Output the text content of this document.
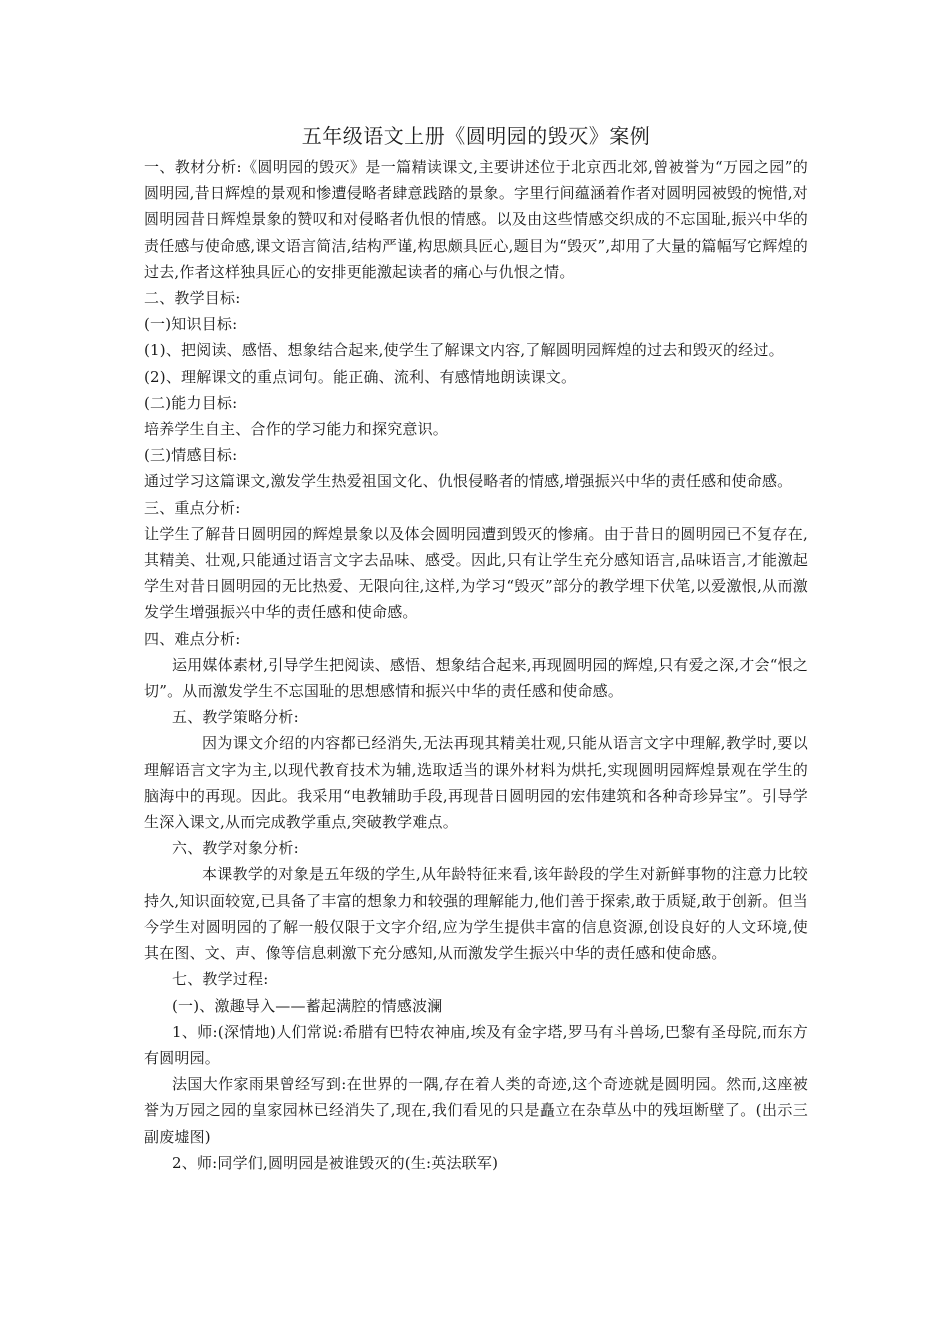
五年级语文上册《圆明园的毁灭》案例

一、教材分析:《圆明园的毁灭》是一篇精读课文,主要讲述位于北京西北郊,曾被誉为“万园之园”的圆明园,昔日辉煌的景观和惨遭侵略者肆意践踏的景象。字里行间蕴涵着作者对圆明园被毁的惋惜,对圆明园昔日辉煌景象的赞叹和对侵略者仇恨的情感。以及由这些情感交织成的不忘国耻,振兴中华的责任感与使命感,课文语言简洁,结构严谨,构思颇具匠心,题目为“毁灭”,却用了大量的篇幅写它辉煌的过去,作者这样独具匠心的安排更能激起读者的痛心与仇恨之情。

二、教学目标:

(一)知识目标:

(1)、把阅读、感悟、想象结合起来,使学生了解课文内容,了解圆明园辉煌的过去和毁灭的经过。

(2)、理解课文的重点词句。能正确、流利、有感情地朗读课文。

(二)能力目标:

培养学生自主、合作的学习能力和探究意识。

(三)情感目标:

通过学习这篇课文,激发学生热爱祖国文化、仇恨侵略者的情感,增强振兴中华的责任感和使命感。

三、重点分析:

让学生了解昔日圆明园的辉煌景象以及体会圆明园遭到毁灭的惨痛。由于昔日的圆明园已不复存在,其精美、壮观,只能通过语言文字去品味、感受。因此,只有让学生充分感知语言,品味语言,才能激起学生对昔日圆明园的无比热爱、无限向往,这样,为学习“毁灭”部分的教学埋下伏笔,以爱激恨,从而激发学生增强振兴中华的责任感和使命感。

四、难点分析:

运用媒体素材,引导学生把阅读、感悟、想象结合起来,再现圆明园的辉煌,只有爱之深,才会“恨之切”。从而激发学生不忘国耻的思想感情和振兴中华的责任感和使命感。

五、教学策略分析:

因为课文介绍的内容都已经消失,无法再现其精美壮观,只能从语言文字中理解,教学时,要以理解语言文字为主,以现代教育技术为辅,选取适当的课外材料为烘托,实现圆明园辉煌景观在学生的脑海中的再现。因此。我采用“电教辅助手段,再现昔日圆明园的宏伟建筑和各种奇珍异宝”。引导学生深入课文,从而完成教学重点,突破教学难点。

六、教学对象分析:

本课教学的对象是五年级的学生,从年龄特征来看,该年龄段的学生对新鲜事物的注意力比较持久,知识面较宽,已具备了丰富的想象力和较强的理解能力,他们善于探索,敢于质疑,敢于创新。但当今学生对圆明园的了解一般仅限于文字介绍,应为学生提供丰富的信息资源,创设良好的人文环境,使其在图、文、声、像等信息刺激下充分感知,从而激发学生振兴中华的责任感和使命感。

七、教学过程:

(一)、激趣导入——蓄起满腔的情感波澜

1、师:(深情地)人们常说:希腊有巴特农神庙,埃及有金字塔,罗马有斗兽场,巴黎有圣母院,而东方有圆明园。

法国大作家雨果曾经写到:在世界的一隅,存在着人类的奇迹,这个奇迹就是圆明园。然而,这座被誉为万园之园的皇家园林已经消失了,现在,我们看见的只是矗立在杂草丛中的残垣断壁了。(出示三副废墟图)

2、师:同学们,圆明园是被谁毁灭的(生:英法联军)
